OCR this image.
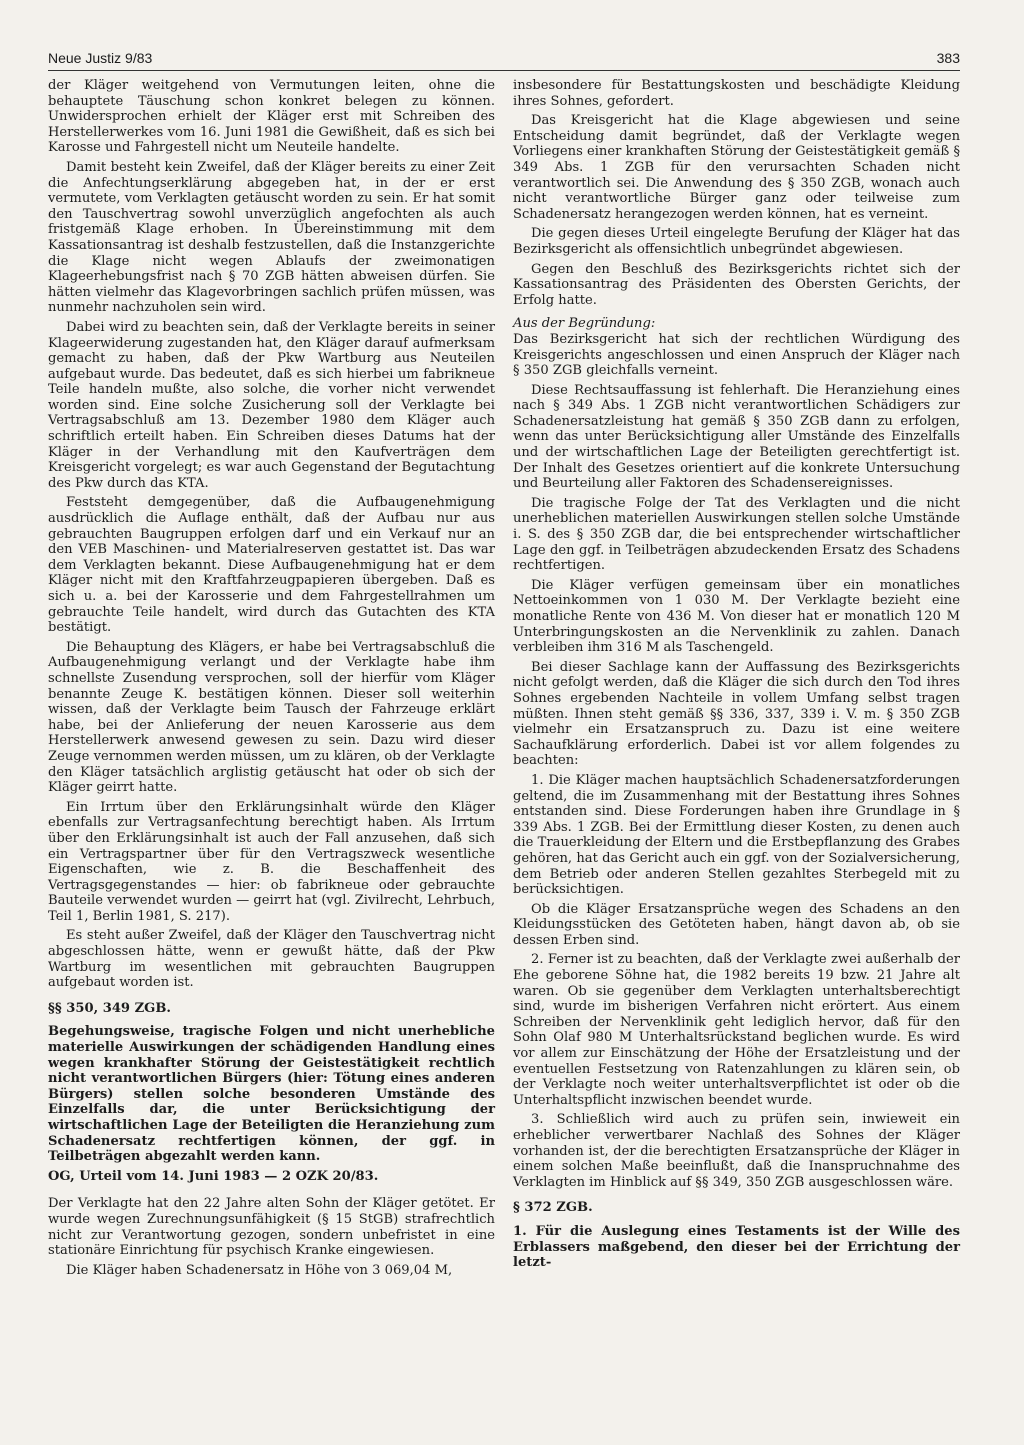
Neue Justiz 9/83	383

der Kläger weitgehend von Vermutungen leiten, ohne die behauptete Täuschung schon konkret belegen zu können. Unwidersprochen erhielt der Kläger erst mit Schreiben des Herstellerwerkes vom 16. Juni 1981 die Gewißheit, daß es sich bei Karosse und Fahrgestell nicht um Neuteile handelte.

Damit besteht kein Zweifel, daß der Kläger bereits zu einer Zeit die Anfechtungserklärung abgegeben hat, in der er erst vermutete, vom Verklagten getäuscht worden zu sein. Er hat somit den Tauschvertrag sowohl unverzüglich angefochten als auch fristgemäß Klage erhoben. In Übereinstimmung mit dem Kassationsantrag ist deshalb festzustellen, daß die Instanzgerichte die Klage nicht wegen Ablaufs der zweimonatigen Klageerhebungsfrist nach § 70 ZGB hätten abweisen dürfen. Sie hätten vielmehr das Klagevorbringen sachlich prüfen müssen, was nunmehr nachzuholen sein wird.

Dabei wird zu beachten sein, daß der Verklagte bereits in seiner Klageerwiderung zugestanden hat, den Kläger darauf aufmerksam gemacht zu haben, daß der Pkw Wartburg aus Neuteilen aufgebaut wurde. Das bedeutet, daß es sich hierbei um fabrikneue Teile handeln mußte, also solche, die vorher nicht verwendet worden sind. Eine solche Zusicherung soll der Verklagte bei Vertragsabschluß am 13. Dezember 1980 dem Kläger auch schriftlich erteilt haben. Ein Schreiben dieses Datums hat der Kläger in der Verhandlung mit den Kaufverträgen dem Kreisgericht vorgelegt; es war auch Gegenstand der Begutachtung des Pkw durch das KTA.

Feststeht demgegenüber, daß die Aufbaugenehmigung ausdrücklich die Auflage enthält, daß der Aufbau nur aus gebrauchten Baugruppen erfolgen darf und ein Verkauf nur an den VEB Maschinen- und Materialreserven gestattet ist. Das war dem Verklagten bekannt. Diese Aufbaugenehmigung hat er dem Kläger nicht mit den Kraftfahrzeugpapieren übergeben. Daß es sich u. a. bei der Karosserie und dem Fahrgestellrahmen um gebrauchte Teile handelt, wird durch das Gutachten des KTA bestätigt.

Die Behauptung des Klägers, er habe bei Vertragsabschluß die Aufbaugenehmigung verlangt und der Verklagte habe ihm schnellste Zusendung versprochen, soll der hierfür vom Kläger benannte Zeuge K. bestätigen können. Dieser soll weiterhin wissen, daß der Verklagte beim Tausch der Fahrzeuge erklärt habe, bei der Anlieferung der neuen Karosserie aus dem Herstellerwerk anwesend gewesen zu sein. Dazu wird dieser Zeuge vernommen werden müssen, um zu klären, ob der Verklagte den Kläger tatsächlich arglistig getäuscht hat oder ob sich der Kläger geirrt hatte.

Ein Irrtum über den Erklärungsinhalt würde den Kläger ebenfalls zur Vertragsanfechtung berechtigt haben. Als Irrtum über den Erklärungsinhalt ist auch der Fall anzusehen, daß sich ein Vertragspartner über für den Vertragszweck wesentliche Eigenschaften, wie z. B. die Beschaffenheit des Vertragsgegenstandes — hier: ob fabrikneue oder gebrauchte Bauteile verwendet wurden — geirrt hat (vgl. Zivilrecht, Lehrbuch, Teil 1, Berlin 1981, S. 217).

Es steht außer Zweifel, daß der Kläger den Tauschvertrag nicht abgeschlossen hätte, wenn er gewußt hätte, daß der Pkw Wartburg im wesentlichen mit gebrauchten Baugruppen aufgebaut worden ist.

§§ 350, 349 ZGB.

Begehungsweise, tragische Folgen und nicht unerhebliche materielle Auswirkungen der schädigenden Handlung eines wegen krankhafter Störung der Geistestätigkeit rechtlich nicht verantwortlichen Bürgers (hier: Tötung eines anderen Bürgers) stellen solche besonderen Umstände des Einzelfalls dar, die unter Berücksichtigung der wirtschaftlichen Lage der Beteiligten die Heranziehung zum Schadenersatz rechtfertigen können, der ggf. in Teilbeträgen abgezahlt werden kann.

OG, Urteil vom 14. Juni 1983 — 2 OZK 20/83.

Der Verklagte hat den 22 Jahre alten Sohn der Kläger getötet. Er wurde wegen Zurechnungsunfähigkeit (§ 15 StGB) strafrechtlich nicht zur Verantwortung gezogen, sondern unbefristet in eine stationäre Einrichtung für psychisch Kranke eingewiesen.

Die Kläger haben Schadenersatz in Höhe von 3 069,04 M,

insbesondere für Bestattungskosten und beschädigte Kleidung ihres Sohnes, gefordert.

Das Kreisgericht hat die Klage abgewiesen und seine Entscheidung damit begründet, daß der Verklagte wegen Vorliegens einer krankhaften Störung der Geistestätigkeit gemäß § 349 Abs. 1 ZGB für den verursachten Schaden nicht verantwortlich sei. Die Anwendung des § 350 ZGB, wonach auch nicht verantwortliche Bürger ganz oder teilweise zum Schadenersatz herangezogen werden können, hat es verneint.

Die gegen dieses Urteil eingelegte Berufung der Kläger hat das Bezirksgericht als offensichtlich unbegründet abgewiesen.

Gegen den Beschluß des Bezirksgerichts richtet sich der Kassationsantrag des Präsidenten des Obersten Gerichts, der Erfolg hatte.

Aus der Begründung:

Das Bezirksgericht hat sich der rechtlichen Würdigung des Kreisgerichts angeschlossen und einen Anspruch der Kläger nach § 350 ZGB gleichfalls verneint.

Diese Rechtsauffassung ist fehlerhaft. Die Heranziehung eines nach § 349 Abs. 1 ZGB nicht verantwortlichen Schädigers zur Schadenersatzleistung hat gemäß § 350 ZGB dann zu erfolgen, wenn das unter Berücksichtigung aller Umstände des Einzelfalls und der wirtschaftlichen Lage der Beteiligten gerechtfertigt ist. Der Inhalt des Gesetzes orientiert auf die konkrete Untersuchung und Beurteilung aller Faktoren des Schadensereignisses.

Die tragische Folge der Tat des Verklagten und die nicht unerheblichen materiellen Auswirkungen stellen solche Umstände i. S. des § 350 ZGB dar, die bei entsprechender wirtschaftlicher Lage den ggf. in Teilbeträgen abzudeckenden Ersatz des Schadens rechtfertigen.

Die Kläger verfügen gemeinsam über ein monatliches Nettoeinkommen von 1 030 M. Der Verklagte bezieht eine monatliche Rente von 436 M. Von dieser hat er monatlich 120 M Unterbringungskosten an die Nervenklinik zu zahlen. Danach verbleiben ihm 316 M als Taschengeld.

Bei dieser Sachlage kann der Auffassung des Bezirksgerichts nicht gefolgt werden, daß die Kläger die sich durch den Tod ihres Sohnes ergebenden Nachteile in vollem Umfang selbst tragen müßten. Ihnen steht gemäß §§ 336, 337, 339 i. V. m. § 350 ZGB vielmehr ein Ersatzanspruch zu. Dazu ist eine weitere Sachaufklärung erforderlich. Dabei ist vor allem folgendes zu beachten:

1. Die Kläger machen hauptsächlich Schadenersatzforderungen geltend, die im Zusammenhang mit der Bestattung ihres Sohnes entstanden sind. Diese Forderungen haben ihre Grundlage in § 339 Abs. 1 ZGB. Bei der Ermittlung dieser Kosten, zu denen auch die Trauerkleidung der Eltern und die Erstbepflanzung des Grabes gehören, hat das Gericht auch ein ggf. von der Sozialversicherung, dem Betrieb oder anderen Stellen gezahltes Sterbegeld mit zu berücksichtigen.

Ob die Kläger Ersatzansprüche wegen des Schadens an den Kleidungsstücken des Getöteten haben, hängt davon ab, ob sie dessen Erben sind.

2. Ferner ist zu beachten, daß der Verklagte zwei außerhalb der Ehe geborene Söhne hat, die 1982 bereits 19 bzw. 21 Jahre alt waren. Ob sie gegenüber dem Verklagten unterhaltsberechtigt sind, wurde im bisherigen Verfahren nicht erörtert. Aus einem Schreiben der Nervenklinik geht lediglich hervor, daß für den Sohn Olaf 980 M Unterhaltsrückstand beglichen wurde. Es wird vor allem zur Einschätzung der Höhe der Ersatzleistung und der eventuellen Festsetzung von Ratenzahlungen zu klären sein, ob der Verklagte noch weiter unterhaltsverpflichtet ist oder ob die Unterhaltspflicht inzwischen beendet wurde.

3. Schließlich wird auch zu prüfen sein, inwieweit ein erheblicher verwertbarer Nachlaß des Sohnes der Kläger vorhanden ist, der die berechtigten Ersatzansprüche der Kläger in einem solchen Maße beeinflußt, daß die Inanspruchnahme des Verklagten im Hinblick auf §§ 349, 350 ZGB ausgeschlossen wäre.

§ 372 ZGB.

1. Für die Auslegung eines Testaments ist der Wille des Erblassers maßgebend, den dieser bei der Errichtung der letzt-
